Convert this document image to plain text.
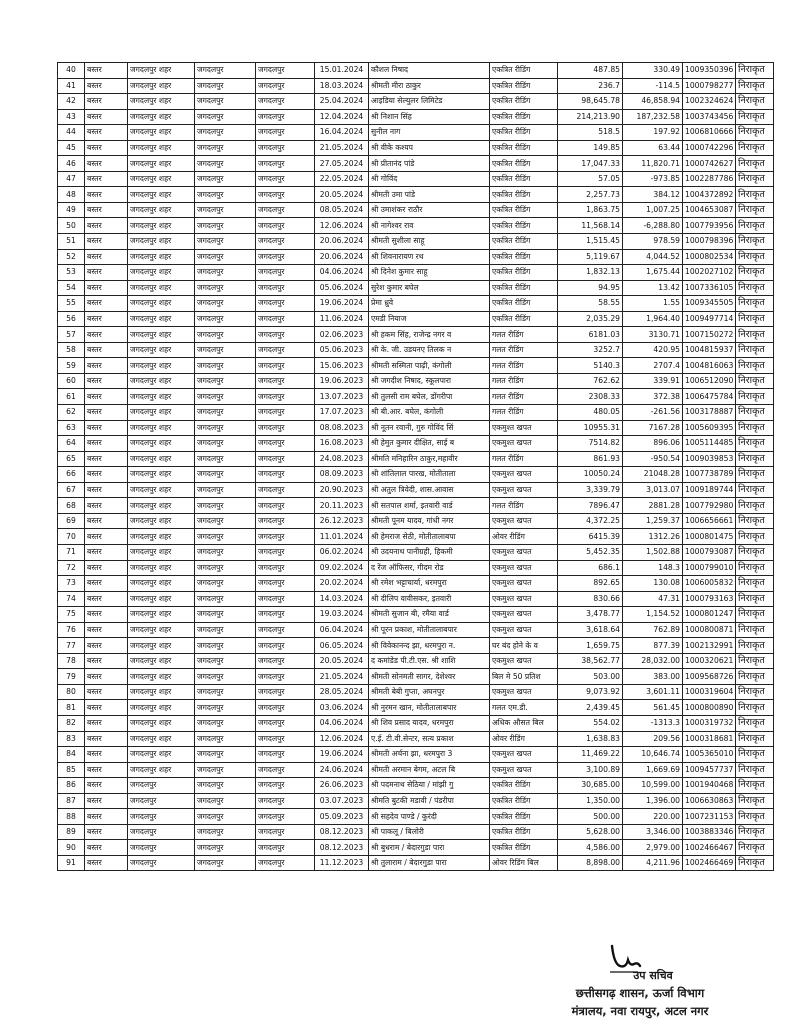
40	बस्तर	जगदलपुर शहर	जगदलपुर	जगदलपुर	15.01.2024	कौशल निषाद	एकत्रित रीडिंग	487.85	330.49	1009350396	निराकृत
41	बस्तर	जगदलपुर शहर	जगदलपुर	जगदलपुर	18.03.2024	श्रीमती मीरा ठाकुर	एकत्रित रीडिंग	236.7	-114.5	1000798277	निराकृत
42	बस्तर	जगदलपुर शहर	जगदलपुर	जगदलपुर	25.04.2024	आइडिया सेल्युलर लिमिटेड	एकत्रित रीडिंग	98,645.78	46,858.94	1002324624	निराकृत
43	बस्तर	जगदलपुर शहर	जगदलपुर	जगदलपुर	12.04.2024	श्री निशान सिंह	एकत्रित रीडिंग	214,213.90	187,232.58	1003743456	निराकृत
44	बस्तर	जगदलपुर शहर	जगदलपुर	जगदलपुर	16.04.2024	सुनील नाग	एकत्रित रीडिंग	518.5	197.92	1006810666	निराकृत
45	बस्तर	जगदलपुर शहर	जगदलपुर	जगदलपुर	21.05.2024	श्री वीके कश्यप	एकत्रित रीडिंग	149.85	63.44	1000742296	निराकृत
46	बस्तर	जगदलपुर शहर	जगदलपुर	जगदलपुर	27.05.2024	श्री प्रीतानंद पांडे	एकत्रित रीडिंग	17,047.33	11,820.71	1000742627	निराकृत
47	बस्तर	जगदलपुर शहर	जगदलपुर	जगदलपुर	22.05.2024	श्री गोविंद	एकत्रित रीडिंग	57.05	-973.85	1002287786	निराकृत
48	बस्तर	जगदलपुर शहर	जगदलपुर	जगदलपुर	20.05.2024	श्रीमती उमा पांडे	एकत्रित रीडिंग	2,257.73	384.12	1004372892	निराकृत
49	बस्तर	जगदलपुर शहर	जगदलपुर	जगदलपुर	08.05.2024	श्री उमाशंकर राठौर	एकत्रित रीडिंग	1,863.75	1,007.25	1004653087	निराकृत
50	बस्तर	जगदलपुर शहर	जगदलपुर	जगदलपुर	12.06.2024	श्री नागेश्वर राव	एकत्रित रीडिंग	11,568.14	-6,288.80	1007793956	निराकृत
51	बस्तर	जगदलपुर शहर	जगदलपुर	जगदलपुर	20.06.2024	श्रीमती सुशीला साहू	एकत्रित रीडिंग	1,515.45	978.59	1000798396	निराकृत
52	बस्तर	जगदलपुर शहर	जगदलपुर	जगदलपुर	20.06.2024	श्री शिवनारायण रथ	एकत्रित रीडिंग	5,119.67	4,044.52	1000802534	निराकृत
53	बस्तर	जगदलपुर शहर	जगदलपुर	जगदलपुर	04.06.2024	श्री दिनेश कुमार साहू	एकत्रित रीडिंग	1,832.13	1,675.44	1002027102	निराकृत
54	बस्तर	जगदलपुर शहर	जगदलपुर	जगदलपुर	05.06.2024	सुरेश कुमार बघेल	एकत्रित रीडिंग	94.95	13.42	1007336105	निराकृत
55	बस्तर	जगदलपुर शहर	जगदलपुर	जगदलपुर	19.06.2024	प्रेमा ध्रुवे	एकत्रित रीडिंग	58.55	1.55	1009345505	निराकृत
56	बस्तर	जगदलपुर शहर	जगदलपुर	जगदलपुर	11.06.2024	एमडी नियाज	एकत्रित रीडिंग	2,035.29	1,964.40	1009497714	निराकृत
57	बस्तर	जगदलपुर शहर	जगदलपुर	जगदलपुर	02.06.2023	श्री हकम सिंह, राजेन्द्र नगर व	गलत रीडिंग	6181.03	3130.71	1007150272	निराकृत
58	बस्तर	जगदलपुर शहर	जगदलपुर	जगदलपुर	05.06.2023	श्री के. जी. उडयनए तिलक न	गलत रीडिंग	3252.7	420.95	1004815937	निराकृत
59	बस्तर	जगदलपुर शहर	जगदलपुर	जगदलपुर	15.06.2023	श्रीमती सस्मिता पाढ़ी, कंगोली	गलत रीडिंग	5140.3	2707.4	1004816063	निराकृत
60	बस्तर	जगदलपुर शहर	जगदलपुर	जगदलपुर	19.06.2023	श्री जगदीश निषाद, स्कूलपारा	गलत रीडिंग	762.62	339.91	1006512090	निराकृत
61	बस्तर	जगदलपुर शहर	जगदलपुर	जगदलपुर	13.07.2023	श्री तुलसी राम बघेल, डोंगरीपा	गलत रीडिंग	2308.33	372.38	1006475784	निराकृत
62	बस्तर	जगदलपुर शहर	जगदलपुर	जगदलपुर	17.07.2023	श्री बी.आर. बघेल, कंगोली	गलत रीडिंग	480.05	-261.56	1003178887	निराकृत
63	बस्तर	जगदलपुर शहर	जगदलपुर	जगदलपुर	08.08.2023	श्री नूतन रवानी, गुरु गोविंद सिं	एकमुश्त खपत	10955.31	7167.28	1005609395	निराकृत
64	बस्तर	जगदलपुर शहर	जगदलपुर	जगदलपुर	16.08.2023	श्री हेमुत कुमार दीक्षित, साई ब	एकमुश्त खपत	7514.82	896.06	1005114485	निराकृत
65	बस्तर	जगदलपुर शहर	जगदलपुर	जगदलपुर	24.08.2023	श्रीमति मनिहारिन ठाकुर,महावीर	गलत रीडिंग	861.93	-950.54	1009039853	निराकृत
66	बस्तर	जगदलपुर शहर	जगदलपुर	जगदलपुर	08.09.2023	श्री शांतिलाल पारख, मोतीताला	एकमुश्त खपत	10050.24	21048.28	1007738789	निराकृत
67	बस्तर	जगदलपुर शहर	जगदलपुर	जगदलपुर	20.90.2023	श्री अतुल त्रिवेदी, शास.आवास	एकमुश्त खपत	3,339.79	3,013.07	1009189744	निराकृत
68	बस्तर	जगदलपुर शहर	जगदलपुर	जगदलपुर	20.11.2023	श्री सतपाल शर्मा, इतवारी वार्ड	गलत रीडिंग	7896.47	2881.28	1007792980	निराकृत
69	बस्तर	जगदलपुर शहर	जगदलपुर	जगदलपुर	26.12.2023	श्रीमती पूनम यादव, गांधी नगर	एकमुश्त खपत	4,372.25	1,259.37	1006656661	निराकृत
70	बस्तर	जगदलपुर शहर	जगदलपुर	जगदलपुर	11.01.2024	श्री हेमराज सेठी, मोतीतालाबपा	ओवर रीडिंग	6415.39	1312.26	1000801475	निराकृत
71	बस्तर	जगदलपुर शहर	जगदलपुर	जगदलपुर	06.02.2024	श्री उदयनाथ पानीग्रही, हिकमी	एकमुश्त खपत	5,452.35	1,502.88	1000793087	निराकृत
72	बस्तर	जगदलपुर शहर	जगदलपुर	जगदलपुर	09.02.2024	द रेंज ऑफिसर, गीदम रोड	एकमुश्त खपत	686.1	148.3	1000799010	निराकृत
73	बस्तर	जगदलपुर शहर	जगदलपुर	जगदलपुर	20.02.2024	श्री रमेश भट्टाचार्या, धरमपुरा	एकमुश्त खपत	892.65	130.08	1006005832	निराकृत
74	बस्तर	जगदलपुर शहर	जगदलपुर	जगदलपुर	14.03.2024	श्री दीलिप वावीसकर, इतवारी	एकमुश्त खपत	830.66	47.31	1000793163	निराकृत
75	बस्तर	जगदलपुर शहर	जगदलपुर	जगदलपुर	19.03.2024	श्रीमती सुजान बी, रमैया वार्ड	एकमुश्त खपत	3,478.77	1,154.52	1000801247	निराकृत
76	बस्तर	जगदलपुर शहर	जगदलपुर	जगदलपुर	06.04.2024	श्री पूरन प्रकाश, मोतीतालाबपार	एकमुश्त खपत	3,618.64	762.89	1000800871	निराकृत
77	बस्तर	जगदलपुर शहर	जगदलपुर	जगदलपुर	06.05.2024	श्री विवेकानन्द झा, धरमपुरा न.	घर बंद होने के व	1,659.75	877.39	1002132991	निराकृत
78	बस्तर	जगदलपुर शहर	जगदलपुर	जगदलपुर	20.05.2024	द कमांडेड पी.टी.एस. श्री शाशि	एकमुश्त खपत	38,562.77	28,032.00	1000320621	निराकृत
79	बस्तर	जगदलपुर शहर	जगदलपुर	जगदलपुर	21.05.2024	श्रीमती सोनमती सागर, देशेश्वर	बिल मे 50 प्रतिश	503.00	383.00	1009568726	निराकृत
80	बस्तर	जगदलपुर शहर	जगदलपुर	जगदलपुर	28.05.2024	श्रीमती बेबी गुप्ता, अघनपुर	एकमुश्त खपत	9,073.92	3,601.11	1000319604	निराकृत
81	बस्तर	जगदलपुर शहर	जगदलपुर	जगदलपुर	03.06.2024	श्री नुरमन खान, मोतीतालाबपार	गलत एम.डी.	2,439.45	561.45	1000800890	निराकृत
82	बस्तर	जगदलपुर शहर	जगदलपुर	जगदलपुर	04.06.2024	श्री शिव प्रसाद यादव, धरमपुरा	अधिक औसत बिल	554.02	-1313.3	1000319732	निराकृत
83	बस्तर	जगदलपुर शहर	जगदलपुर	जगदलपुर	12.06.2024	ए.ई. टी.वी.सेन्टर, सत्य प्रकाश	ओवर रीडिंग	1,638.83	209.56	1000318681	निराकृत
84	बस्तर	जगदलपुर शहर	जगदलपुर	जगदलपुर	19.06.2024	श्रीमती अर्चना झा, धरमपुरा 3	एकमुश्त खपत	11,469.22	10,646.74	1005365010	निराकृत
85	बस्तर	जगदलपुर शहर	जगदलपुर	जगदलपुर	24.06.2024	श्रीमती अरमान बेगम, अटल बि	एकमुश्त खपत	3,100.89	1,669.69	1009457737	निराकृत
86	बस्तर	जगदलपुर	जगदलपुर	जगदलपुर	26.06.2023	श्री पदमनाथ सेठिया / मांझी गु	एकत्रित रीडिंग	30,685.00	10,599.00	1001940468	निराकृत
87	बस्तर	जगदलपुर	जगदलपुर	जगदलपुर	03.07.2023	श्रीमति बुटकी मडावी / पंडरीपा	एकत्रित रीडिंग	1,350.00	1,396.00	1006630863	निराकृत
88	बस्तर	जगदलपुर	जगदलपुर	जगदलपुर	05.09.2023	श्री सहदेव पाण्डे / कुरंदी	एकत्रित रीडिंग	500.00	220.00	1007231153	निराकृत
89	बस्तर	जगदलपुर	जगदलपुर	जगदलपुर	08.12.2023	श्री पाकलू / बिलोरी	एकत्रित रीडिंग	5,628.00	3,346.00	1003883346	निराकृत
90	बस्तर	जगदलपुर	जगदलपुर	जगदलपुर	08.12.2023	श्री बुधराम / बेदारगुडा पारा	एकत्रित रीडिंग	4,586.00	2,979.00	1002466467	निराकृत
91	बस्तर	जगदलपुर	जगदलपुर	जगदलपुर	11.12.2023	श्री तुलाराम / बेदारगुडा पारा	ओवर रिडिंग बिल	8,898.00	4,211.96	1002466469	निराकृत
उप सचिव
छत्तीसगढ़ शासन, ऊर्जा विभाग
मंत्रालय, नवा रायपुर, अटल नगर
